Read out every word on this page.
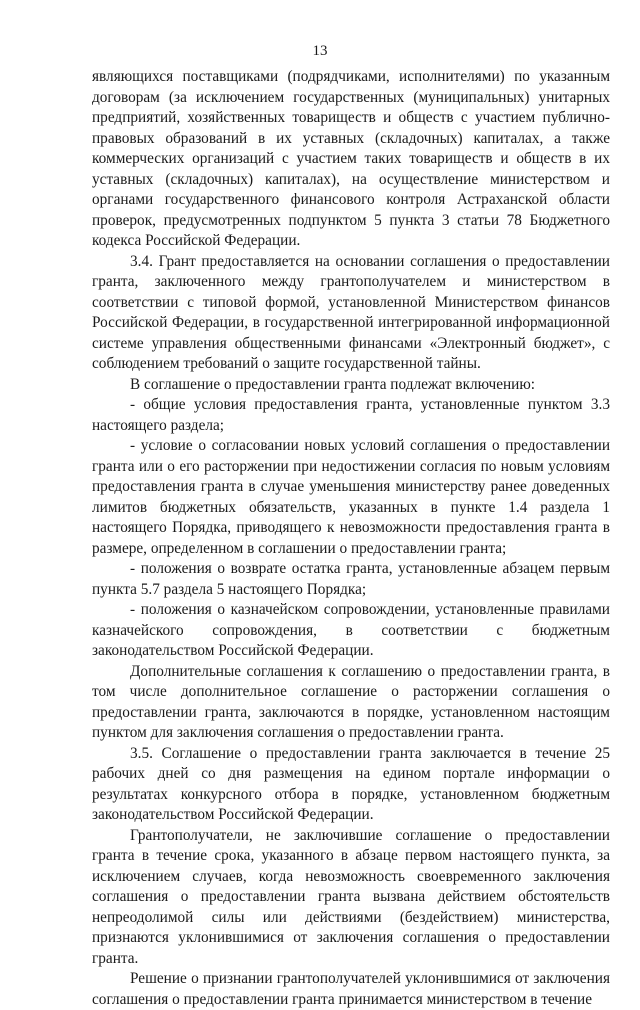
13

являющихся поставщиками (подрядчиками, исполнителями) по указанным договорам (за исключением государственных (муниципальных) унитарных предприятий, хозяйственных товариществ и обществ с участием публично-правовых образований в их уставных (складочных) капиталах, а также коммерческих организаций с участием таких товариществ и обществ в их уставных (складочных) капиталах), на осуществление министерством и органами государственного финансового контроля Астраханской области проверок, предусмотренных подпунктом 5 пункта 3 статьи 78 Бюджетного кодекса Российской Федерации.

3.4. Грант предоставляется на основании соглашения о предоставлении гранта, заключенного между грантополучателем и министерством в соответствии с типовой формой, установленной Министерством финансов Российской Федерации, в государственной интегрированной информационной системе управления общественными финансами «Электронный бюджет», с соблюдением требований о защите государственной тайны.

В соглашение о предоставлении гранта подлежат включению:

- общие условия предоставления гранта, установленные пунктом 3.3 настоящего раздела;

- условие о согласовании новых условий соглашения о предоставлении гранта или о его расторжении при недостижении согласия по новым условиям предоставления гранта в случае уменьшения министерству ранее доведенных лимитов бюджетных обязательств, указанных в пункте 1.4 раздела 1 настоящего Порядка, приводящего к невозможности предоставления гранта в размере, определенном в соглашении о предоставлении гранта;

- положения о возврате остатка гранта, установленные абзацем первым пункта 5.7 раздела 5 настоящего Порядка;

- положения о казначейском сопровождении, установленные правилами казначейского сопровождения, в соответствии с бюджетным законодательством Российской Федерации.

Дополнительные соглашения к соглашению о предоставлении гранта, в том числе дополнительное соглашение о расторжении соглашения о предоставлении гранта, заключаются в порядке, установленном настоящим пунктом для заключения соглашения о предоставлении гранта.

3.5. Соглашение о предоставлении гранта заключается в течение 25 рабочих дней со дня размещения на едином портале информации о результатах конкурсного отбора в порядке, установленном бюджетным законодательством Российской Федерации.

Грантополучатели, не заключившие соглашение о предоставлении гранта в течение срока, указанного в абзаце первом настоящего пункта, за исключением случаев, когда невозможность своевременного заключения соглашения о предоставлении гранта вызвана действием обстоятельств непреодолимой силы или действиями (бездействием) министерства, признаются уклонившимися от заключения соглашения о предоставлении гранта.

Решение о признании грантополучателей уклонившимися от заключения соглашения о предоставлении гранта принимается министерством в течение
